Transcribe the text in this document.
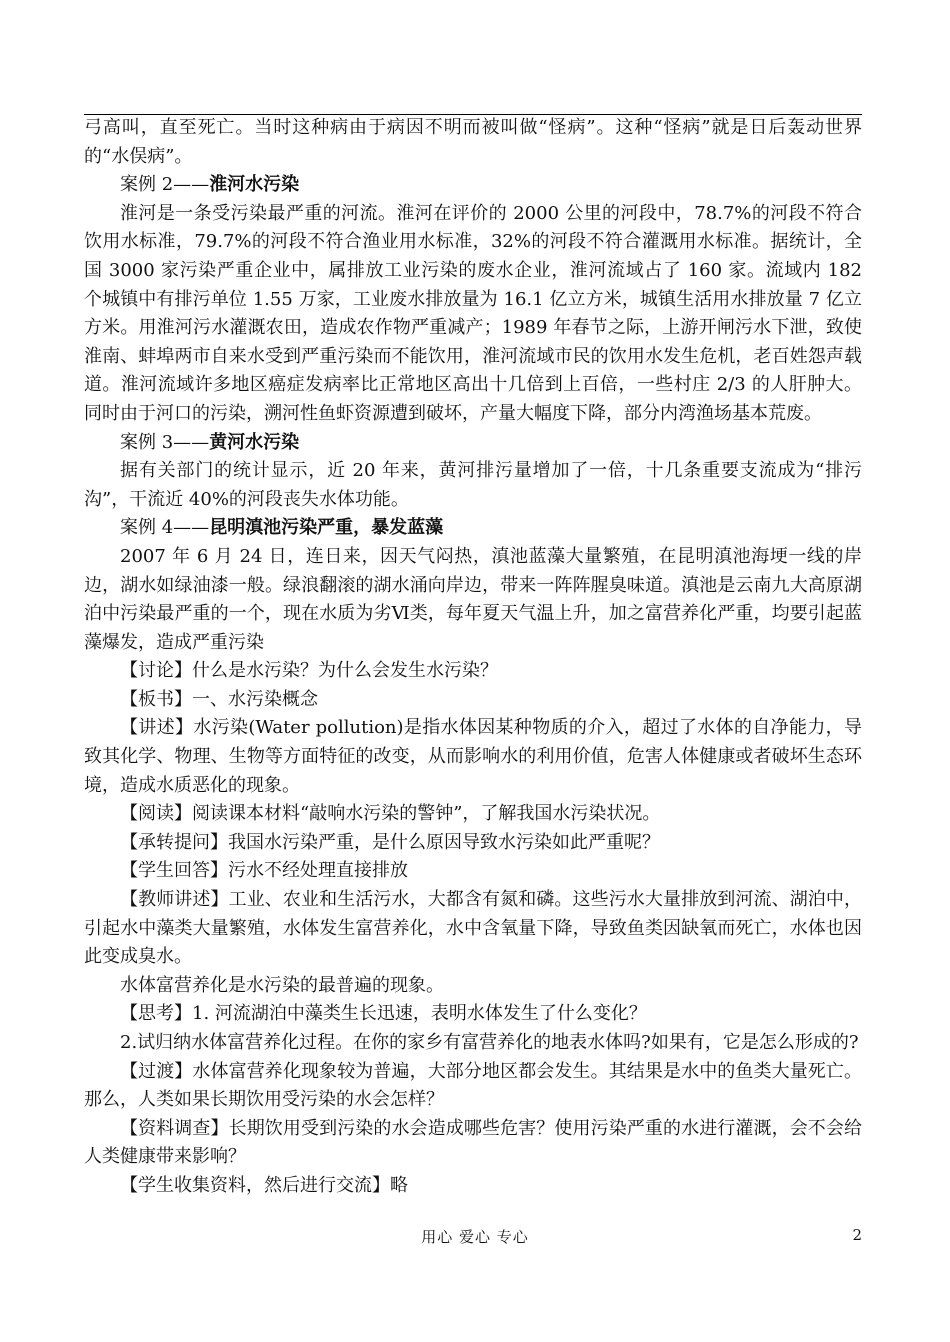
弓高叫，直至死亡。当时这种病由于病因不明而被叫做“怪病”。这种“怪病”就是日后轰动世界的“水俣病”。

案例 2——淮河水污染

淮河是一条受污染最严重的河流。淮河在评价的 2000 公里的河段中，78.7%的河段不符合饮用水标准，79.7%的河段不符合渔业用水标准，32%的河段不符合灌溉用水标准。据统计，全国 3000 家污染严重企业中，属排放工业污染的废水企业，淮河流域占了 160 家。流域内 182 个城镇中有排污单位 1.55 万家，工业废水排放量为 16.1 亿立方米，城镇生活用水排放量 7 亿立方米。用淮河污水灌溉农田，造成农作物严重减产；1989 年春节之际，上游开闸污水下泄，致使淮南、蚌埠两市自来水受到严重污染而不能饮用，淮河流域市民的饮用水发生危机，老百姓怨声载道。淮河流域许多地区癌症发病率比正常地区高出十几倍到上百倍，一些村庄 2/3 的人肝肿大。同时由于河口的污染，溯河性鱼虾资源遭到破坏，产量大幅度下降，部分内湾渔场基本荒废。

案例 3——黄河水污染

据有关部门的统计显示，近 20 年来，黄河排污量增加了一倍，十几条重要支流成为“排污沟”，干流近 40%的河段丧失水体功能。

案例 4——昆明滇池污染严重，暴发蓝藻

2007 年 6 月 24 日，连日来，因天气闷热，滇池蓝藻大量繁殖，在昆明滇池海埂一线的岸边，湖水如绿油漆一般。绿浪翻滚的湖水涌向岸边，带来一阵阵腥臭味道。滇池是云南九大高原湖泊中污染最严重的一个，现在水质为劣Ⅵ类，每年夏天气温上升，加之富营养化严重，均要引起蓝藻爆发，造成严重污染

【讨论】什么是水污染？为什么会发生水污染？

【板书】一、水污染概念

【讲述】水污染(Water pollution)是指水体因某种物质的介入，超过了水体的自净能力，导致其化学、物理、生物等方面特征的改变，从而影响水的利用价值，危害人体健康或者破坏生态环境，造成水质恶化的现象。

【阅读】阅读课本材料“敲响水污染的警钟”，了解我国水污染状况。

【承转提问】我国水污染严重，是什么原因导致水污染如此严重呢？

【学生回答】污水不经处理直接排放

【教师讲述】工业、农业和生活污水，大都含有氮和磷。这些污水大量排放到河流、湖泊中，引起水中藻类大量繁殖，水体发生富营养化，水中含氧量下降，导致鱼类因缺氧而死亡，水体也因此变成臭水。

水体富营养化是水污染的最普遍的现象。

【思考】1. 河流湖泊中藻类生长迅速，表明水体发生了什么变化？

2.试归纳水体富营养化过程。在你的家乡有富营养化的地表水体吗?如果有，它是怎么形成的?

【过渡】水体富营养化现象较为普遍，大部分地区都会发生。其结果是水中的鱼类大量死亡。那么，人类如果长期饮用受污染的水会怎样？

【资料调查】长期饮用受到污染的水会造成哪些危害？使用污染严重的水进行灌溉，会不会给人类健康带来影响？

【学生收集资料，然后进行交流】略

用心 爱心 专心	2
